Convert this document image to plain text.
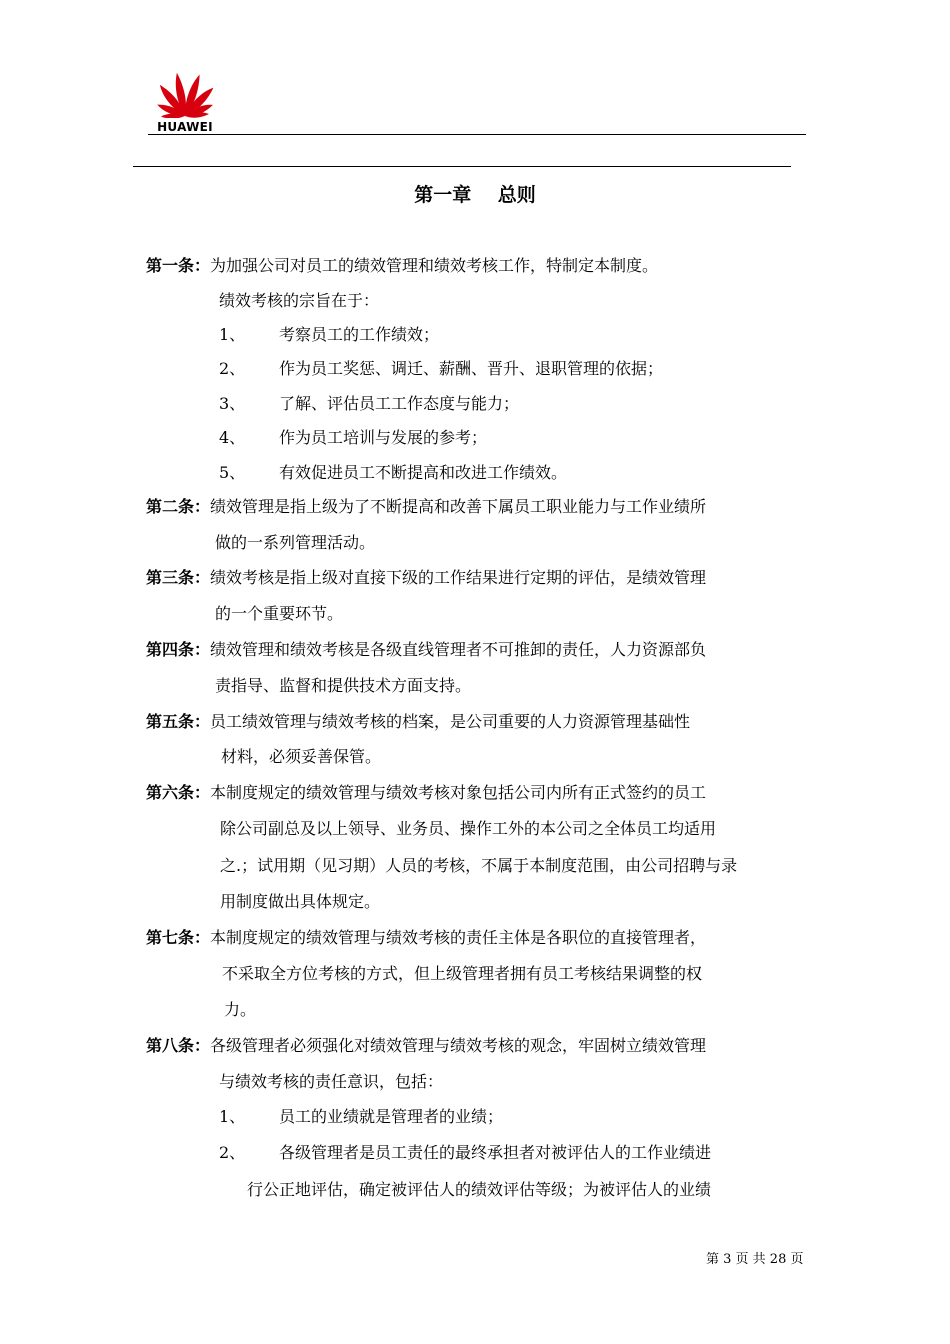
HUAWEI
第一章    总则
第一条：为加强公司对员工的绩效管理和绩效考核工作，特制定本制度。
绩效考核的宗旨在于：
1、 考察员工的工作绩效；
2、 作为员工奖惩、调迁、薪酬、晋升、退职管理的依据；
3、 了解、评估员工工作态度与能力；
4、 作为员工培训与发展的参考；
5、 有效促进员工不断提高和改进工作绩效。
第二条：绩效管理是指上级为了不断提高和改善下属员工职业能力与工作业绩所
做的一系列管理活动。
第三条：绩效考核是指上级对直接下级的工作结果进行定期的评估，是绩效管理
的一个重要环节。
第四条：绩效管理和绩效考核是各级直线管理者不可推卸的责任，人力资源部负
责指导、监督和提供技术方面支持。
第五条：员工绩效管理与绩效考核的档案，是公司重要的人力资源管理基础性
材料，必须妥善保管。
第六条：本制度规定的绩效管理与绩效考核对象包括公司内所有正式签约的员工
除公司副总及以上领导、业务员、操作工外的本公司之全体员工均适用
之.；试用期（见习期）人员的考核，不属于本制度范围，由公司招聘与录
用制度做出具体规定。
第七条：本制度规定的绩效管理与绩效考核的责任主体是各职位的直接管理者，
不采取全方位考核的方式，但上级管理者拥有员工考核结果调整的权
力。
第八条：各级管理者必须强化对绩效管理与绩效考核的观念，牢固树立绩效管理
与绩效考核的责任意识，包括：
1、 员工的业绩就是管理者的业绩；
2、 各级管理者是员工责任的最终承担者对被评估人的工作业绩进
行公正地评估，确定被评估人的绩效评估等级；为被评估人的业绩
第 3 页 共 28 页
